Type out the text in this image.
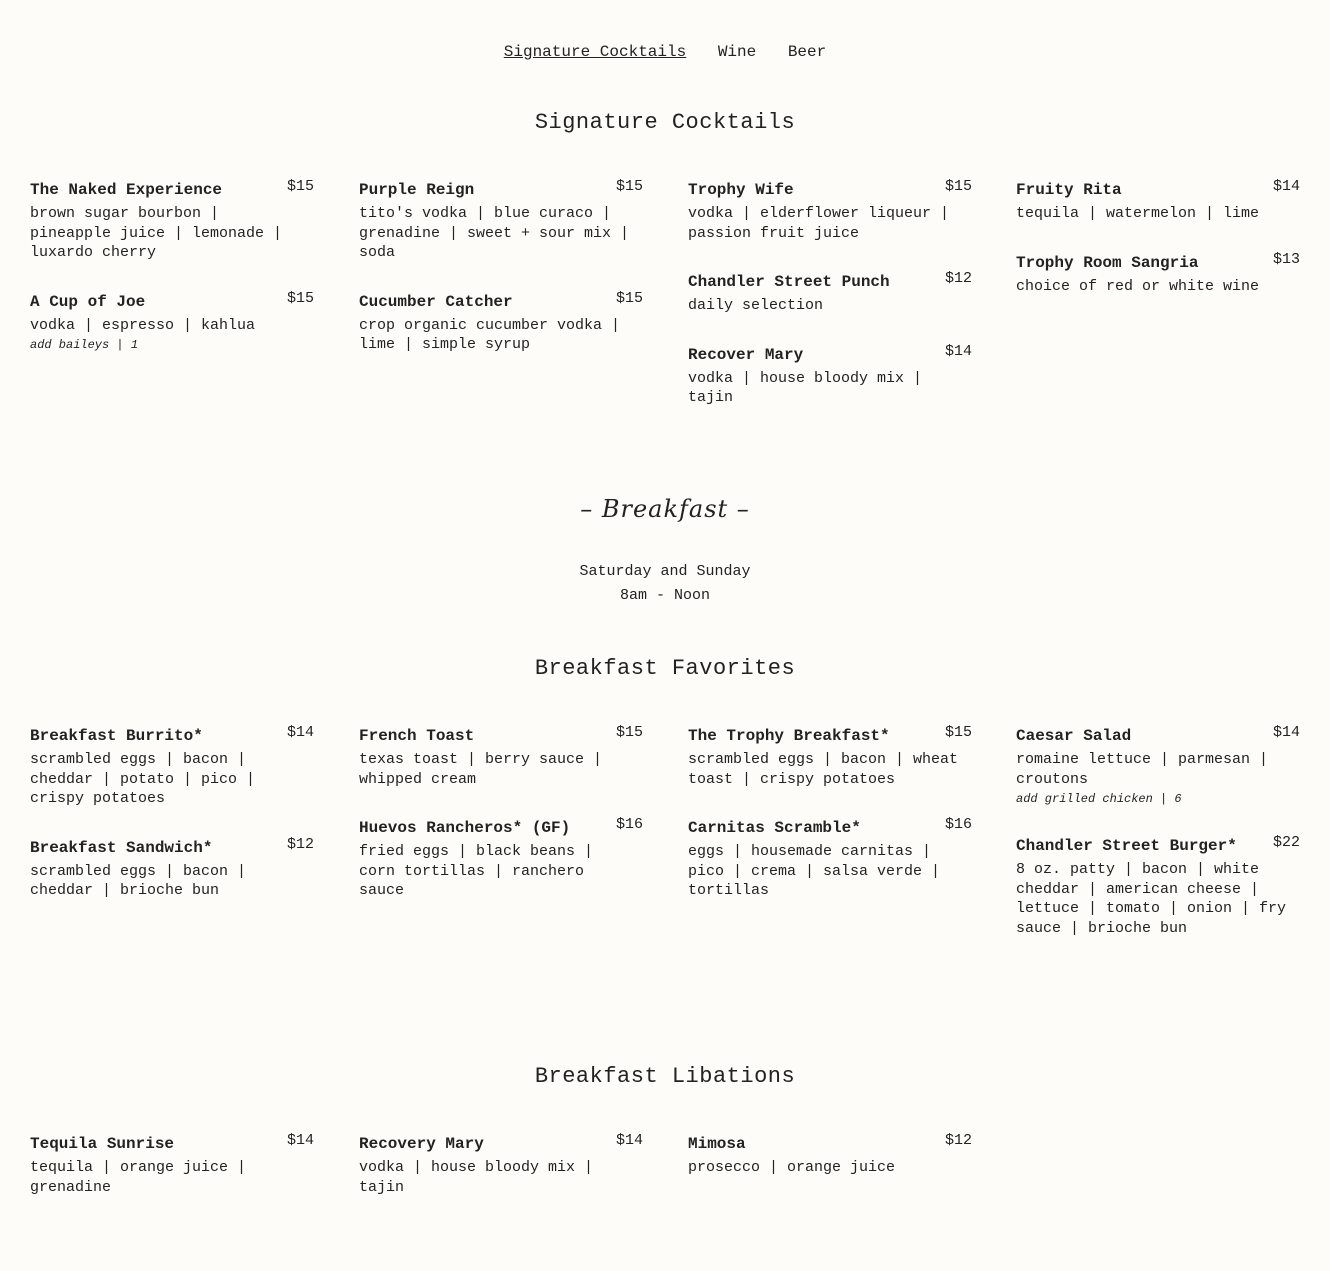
Signature Cocktails Wine Beer
Signature Cocktails
The Naked Experience	$15
brown sugar bourbon | pineapple juice | lemonade | luxardo cherry
A Cup of Joe	$15
vodka | espresso | kahlua
add baileys | 1
Purple Reign	$15
tito's vodka | blue curaco | grenadine | sweet + sour mix | soda
Cucumber Catcher	$15
crop organic cucumber vodka | lime | simple syrup
Trophy Wife	$15
vodka | elderflower liqueur | passion fruit juice
Chandler Street Punch	$12
daily selection
Recover Mary	$14
vodka | house bloody mix | tajin
Fruity Rita	$14
tequila | watermelon | lime
Trophy Room Sangria	$13
choice of red or white wine
– Breakfast –
Saturday and Sunday
8am - Noon
Breakfast Favorites
Breakfast Burrito*	$14
scrambled eggs | bacon | cheddar | potato | pico | crispy potatoes
Breakfast Sandwich*	$12
scrambled eggs | bacon | cheddar | brioche bun
French Toast	$15
texas toast | berry sauce | whipped cream
Huevos Rancheros* (GF)	$16
fried eggs | black beans | corn tortillas | ranchero sauce
The Trophy Breakfast*	$15
scrambled eggs | bacon | wheat toast | crispy potatoes
Carnitas Scramble*	$16
eggs | housemade carnitas | pico | crema | salsa verde | tortillas
Caesar Salad	$14
romaine lettuce | parmesan | croutons
add grilled chicken | 6
Chandler Street Burger*	$22
8 oz. patty | bacon | white cheddar | american cheese | lettuce | tomato | onion | fry sauce | brioche bun
Breakfast Libations
Tequila Sunrise	$14
tequila | orange juice | grenadine
Recovery Mary	$14
vodka | house bloody mix | tajin
Mimosa	$12
prosecco | orange juice
